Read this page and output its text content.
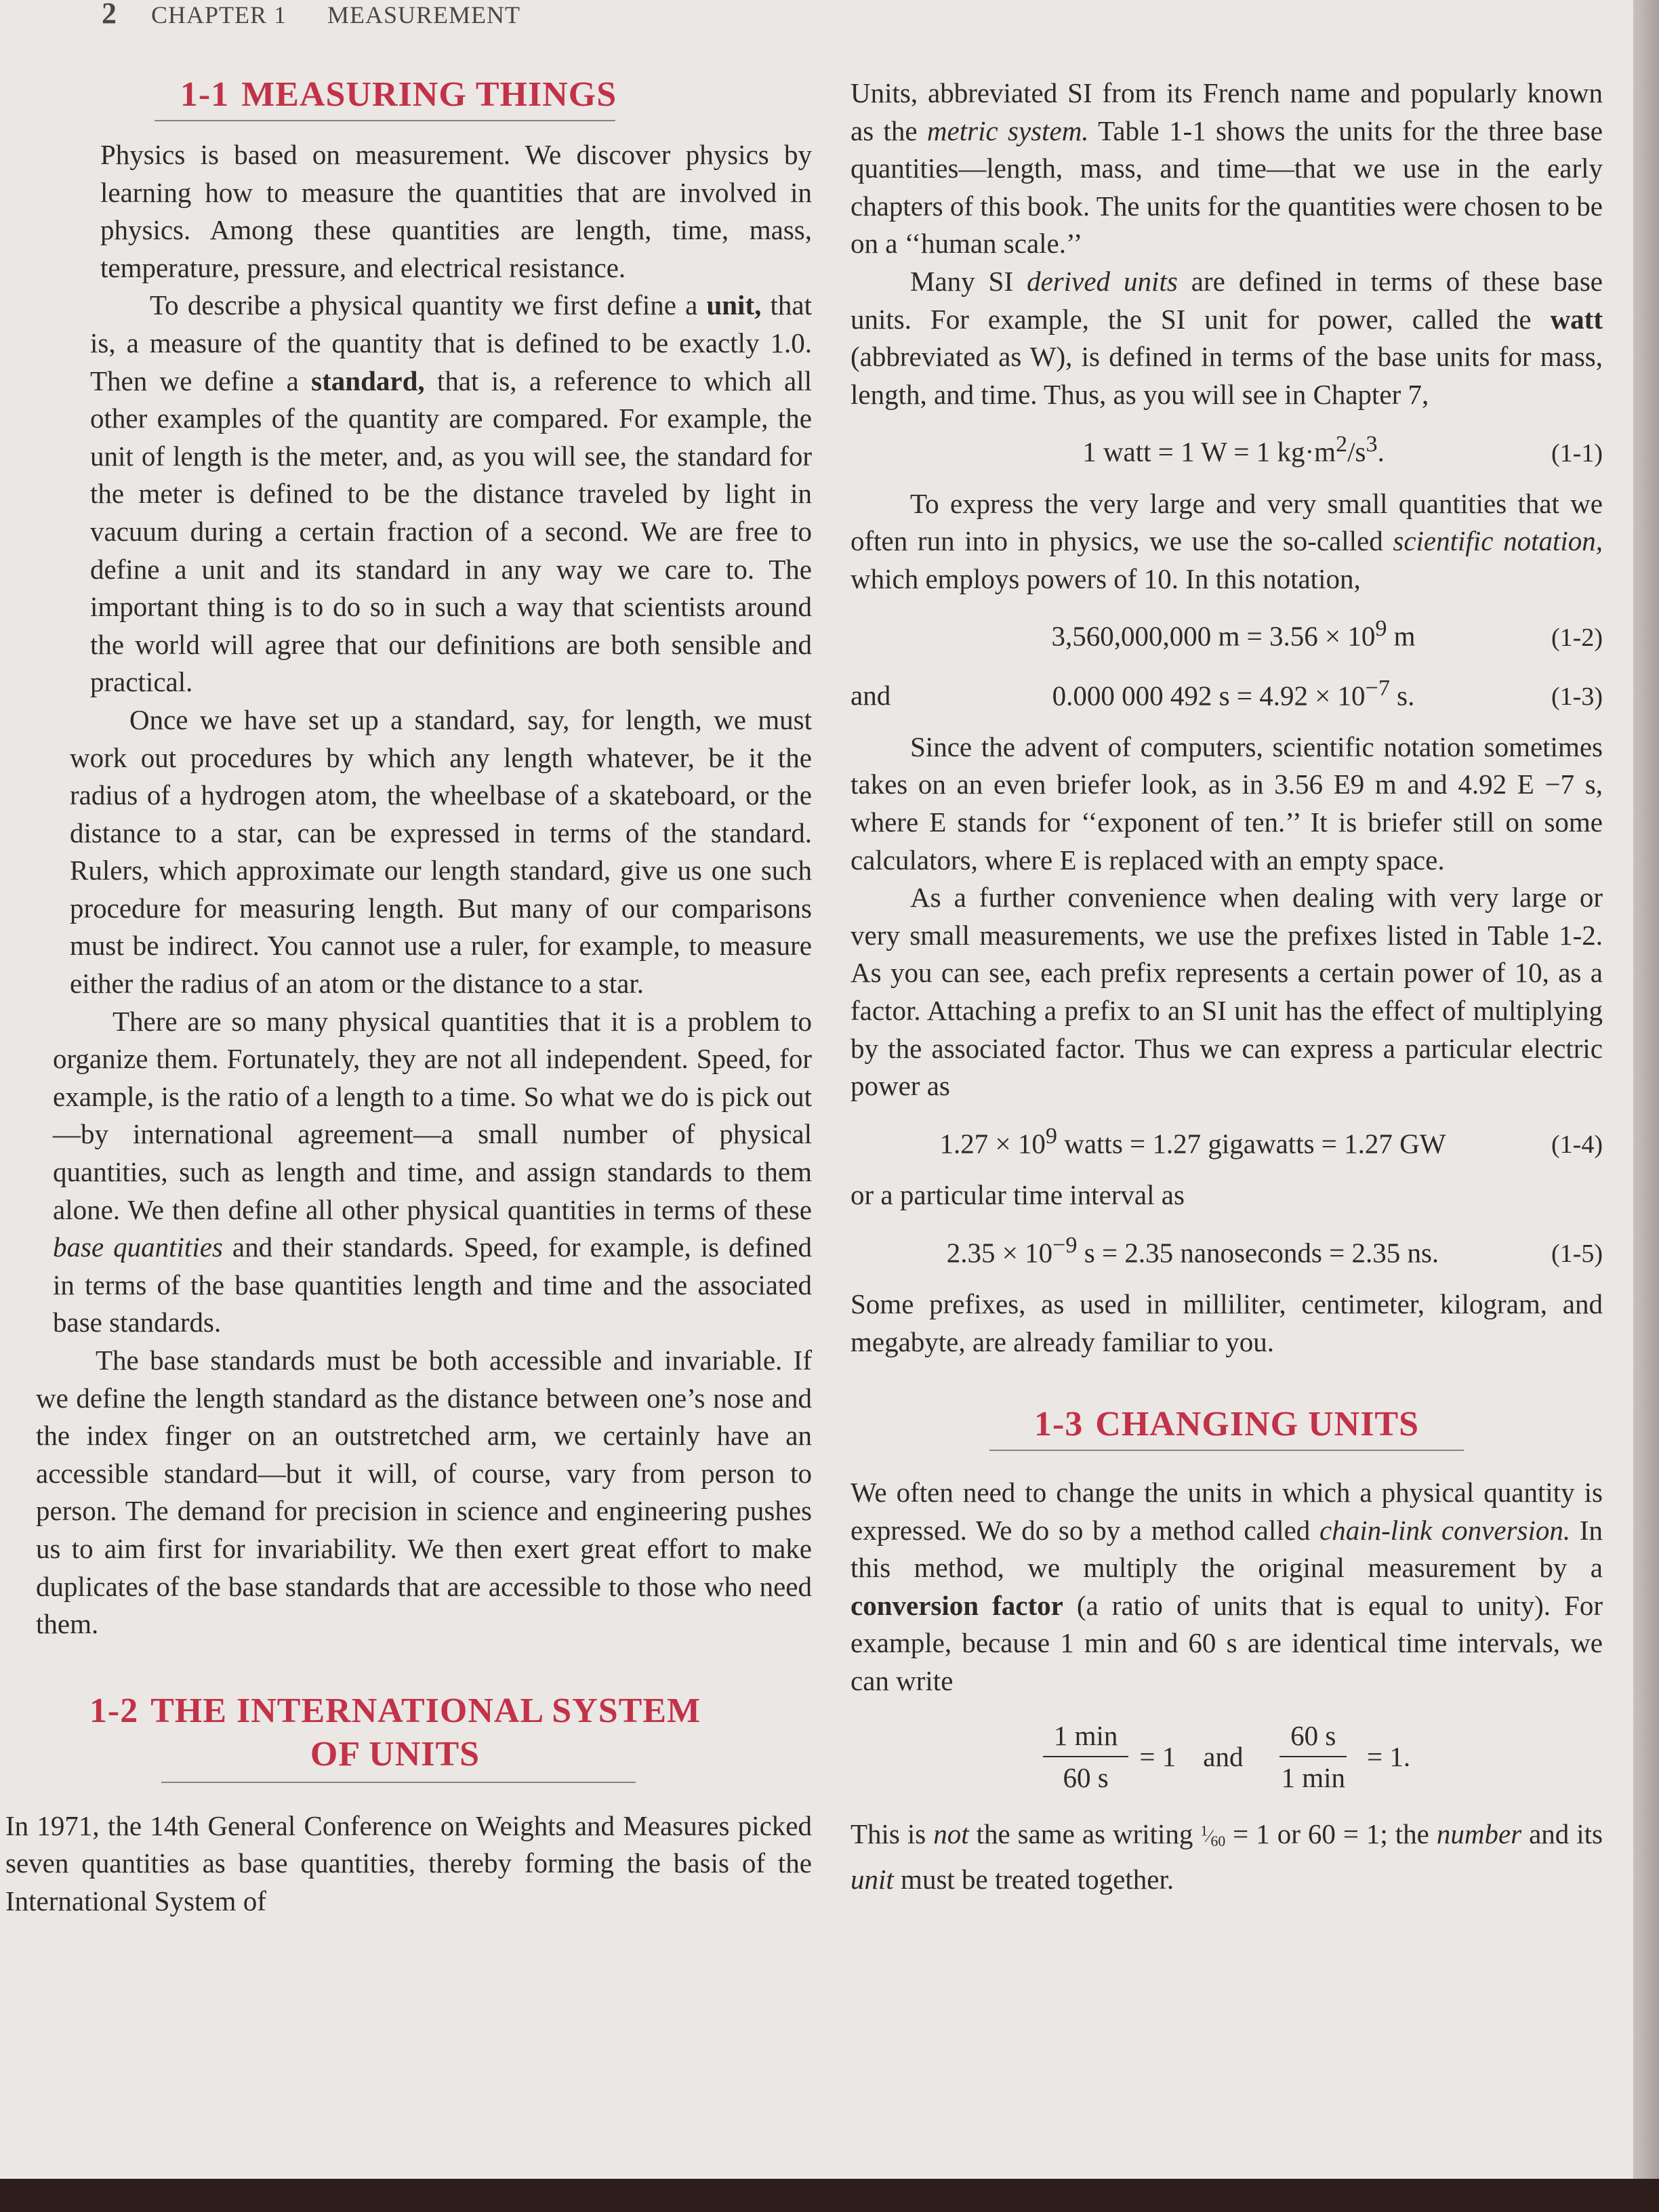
2 CHAPTER 1 MEASUREMENT
1-1 MEASURING THINGS

Physics is based on measurement. We discover physics by learning how to measure the quantities that are involved in physics. Among these quantities are length, time, mass, temperature, pressure, and electrical resistance.

To describe a physical quantity we first define a unit, that is, a measure of the quantity that is defined to be exactly 1.0. Then we define a standard, that is, a reference to which all other examples of the quantity are compared. For example, the unit of length is the meter, and, as you will see, the standard for the meter is defined to be the distance traveled by light in vacuum during a certain fraction of a second. We are free to define a unit and its standard in any way we care to. The important thing is to do so in such a way that scientists around the world will agree that our definitions are both sensible and practical.

Once we have set up a standard, say, for length, we must work out procedures by which any length whatever, be it the radius of a hydrogen atom, the wheelbase of a skateboard, or the distance to a star, can be expressed in terms of the standard. Rulers, which approximate our length standard, give us one such procedure for measuring length. But many of our comparisons must be indirect. You cannot use a ruler, for example, to measure either the radius of an atom or the distance to a star.

There are so many physical quantities that it is a problem to organize them. Fortunately, they are not all independent. Speed, for example, is the ratio of a length to a time. So what we do is pick out—by international agreement—a small number of physical quantities, such as length and time, and assign standards to them alone. We then define all other physical quantities in terms of these base quantities and their standards. Speed, for example, is defined in terms of the base quantities length and time and the associated base standards.

The base standards must be both accessible and invariable. If we define the length standard as the distance between one’s nose and the index finger on an outstretched arm, we certainly have an accessible standard—but it will, of course, vary from person to person. The demand for precision in science and engineering pushes us to aim first for invariability. We then exert great effort to make duplicates of the base standards that are accessible to those who need them.

1-2 THE INTERNATIONAL SYSTEM
OF UNITS

In 1971, the 14th General Conference on Weights and Measures picked seven quantities as base quantities, thereby forming the basis of the International System of

Units, abbreviated SI from its French name and popularly known as the metric system. Table 1-1 shows the units for the three base quantities—length, mass, and time—that we use in the early chapters of this book. The units for the quantities were chosen to be on a ‘‘human scale.’’

Many SI derived units are defined in terms of these base units. For example, the SI unit for power, called the watt (abbreviated as W), is defined in terms of the base units for mass, length, and time. Thus, as you will see in Chapter 7,

1 watt = 1 W = 1 $kg\cdot m^2/s^3$.	(1-1)

To express the very large and very small quantities that we often run into in physics, we use the so-called scientific notation, which employs powers of 10. In this notation,

3,560,000,000 $m = 3.56 \times 10^9$ m	(1-2)
and	0.000 000 492 $s = 4.92 \times 10^{-7}$ s.	(1-3)

Since the advent of computers, scientific notation sometimes takes on an even briefer look, as in 3.56 E9 m and 4.92 E −7 s, where E stands for ‘‘exponent of ten.’’ It is briefer still on some calculators, where E is replaced with an empty space.

As a further convenience when dealing with very large or very small measurements, we use the prefixes listed in Table 1-2. As you can see, each prefix represents a certain power of 10, as a factor. Attaching a prefix to an SI unit has the effect of multiplying by the associated factor. Thus we can express a particular electric power as

$1.27 \times 10^9$ watts = 1.27 gigawatts = 1.27 GW	(1-4)

or a particular time interval as

$2.35 \times 10^{-9}$ s = 2.35 nanoseconds = 2.35 ns.	(1-5)

Some prefixes, as used in milliliter, centimeter, kilogram, and megabyte, are already familiar to you.

1-3 CHANGING UNITS

We often need to change the units in which a physical quantity is expressed. We do so by a method called chain-link conversion. In this method, we multiply the original measurement by a conversion factor (a ratio of units that is equal to unity). For example, because 1 min and 60 s are identical time intervals, we can write

$\frac{1 \min}{60 s} = 1$ and $\frac{60 s}{1 \min} = 1$.

This is not the same as writing $^1⁄_{60} = 1$ or 60 = 1; the number and its unit must be treated together.
